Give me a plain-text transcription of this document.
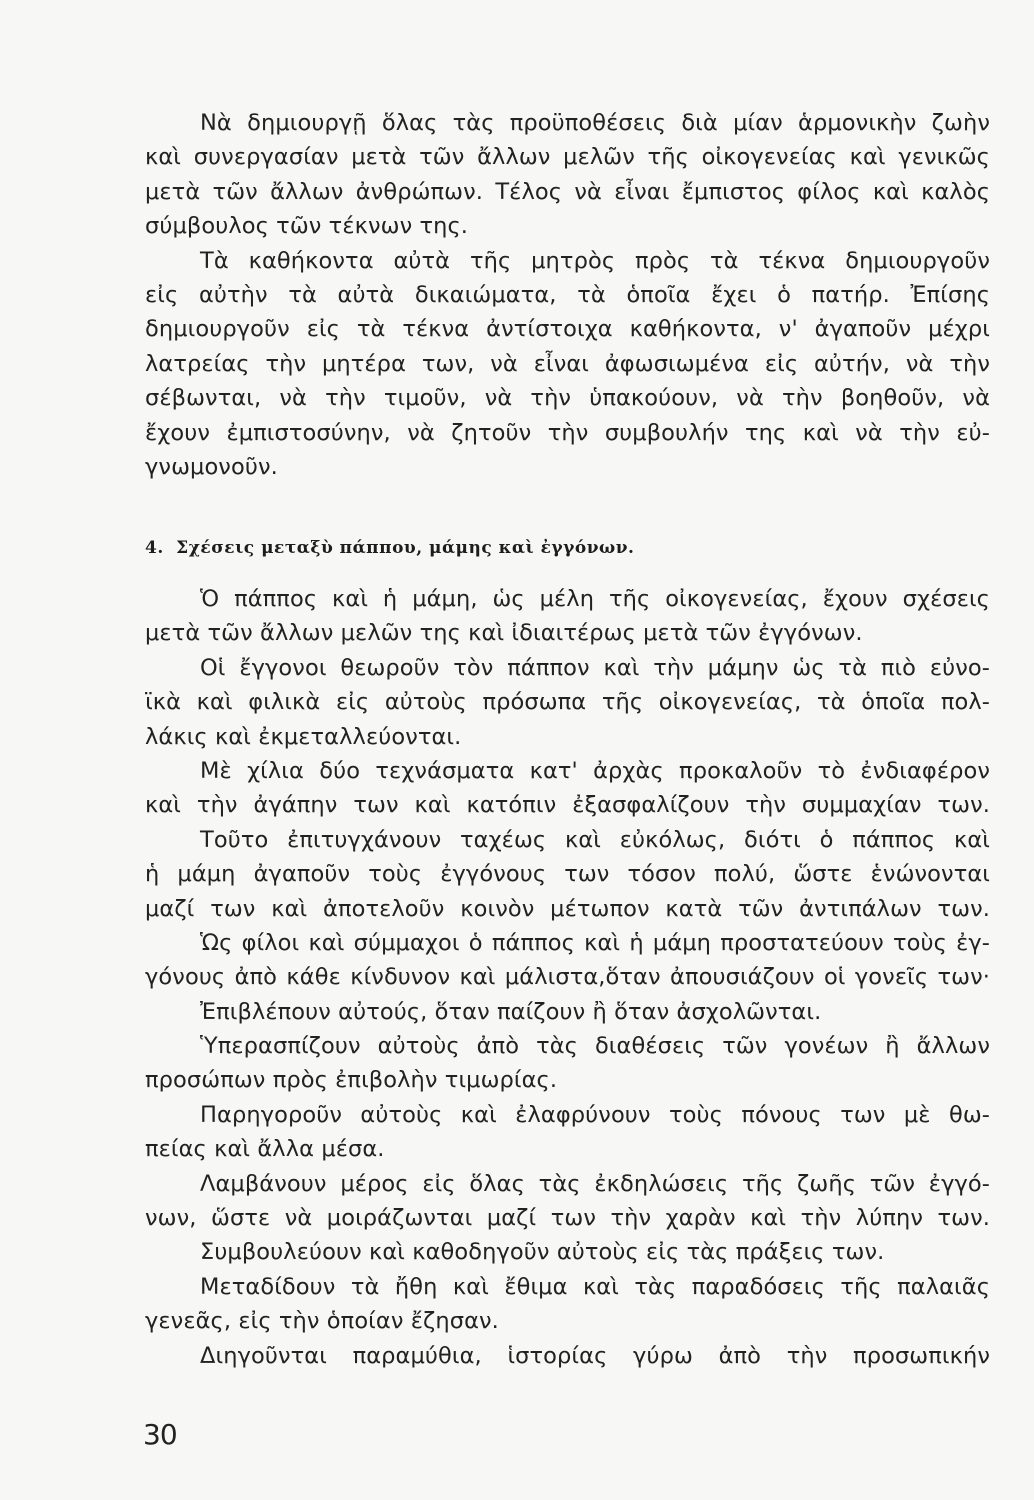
Νὰ δημιουργῇ ὅλας τὰς προϋποθέσεις διὰ μίαν ἁρμονικὴν ζωὴν
καὶ συνεργασίαν μετὰ τῶν ἄλλων μελῶν τῆς οἰκογενείας καὶ γενικῶς
μετὰ τῶν ἄλλων ἀνθρώπων. Τέλος νὰ εἶναι ἔμπιστος φίλος καὶ καλὸς
σύμβουλος τῶν τέκνων της.
Τὰ καθήκοντα αὐτὰ τῆς μητρὸς πρὸς τὰ τέκνα δημιουργοῦν
εἰς αὐτὴν τὰ αὐτὰ δικαιώματα, τὰ ὁποῖα ἔχει ὁ πατήρ. Ἐπίσης
δημιουργοῦν εἰς τὰ τέκνα ἀντίστοιχα καθήκοντα, ν' ἀγαποῦν μέχρι
λατρείας τὴν μητέρα των, νὰ εἶναι ἀφωσιωμένα εἰς αὐτήν, νὰ τὴν
σέβωνται, νὰ τὴν τιμοῦν, νὰ τὴν ὑπακούουν, νὰ τὴν βοηθοῦν, νὰ
ἔχουν ἐμπιστοσύνην, νὰ ζητοῦν τὴν συμβουλήν της καὶ νὰ τὴν εὐ-
γνωμονοῦν.
4. Σχέσεις μεταξὺ πάππου, μάμης καὶ ἐγγόνων.
Ὁ πάππος καὶ ἡ μάμη, ὡς μέλη τῆς οἰκογενείας, ἔχουν σχέσεις
μετὰ τῶν ἄλλων μελῶν της καὶ ἰδιαιτέρως μετὰ τῶν ἐγγόνων.
Οἱ ἔγγονοι θεωροῦν τὸν πάππον καὶ τὴν μάμην ὡς τὰ πιὸ εὐνο-
ϊκὰ καὶ φιλικὰ εἰς αὐτοὺς πρόσωπα τῆς οἰκογενείας, τὰ ὁποῖα πολ-
λάκις καὶ ἐκμεταλλεύονται.
Μὲ χίλια δύο τεχνάσματα κατ' ἀρχὰς προκαλοῦν τὸ ἐνδιαφέρον
καὶ τὴν ἀγάπην των καὶ κατόπιν ἐξασφαλίζουν τὴν συμμαχίαν των.
Τοῦτο ἐπιτυγχάνουν ταχέως καὶ εὐκόλως, διότι ὁ πάππος καὶ
ἡ μάμη ἀγαποῦν τοὺς ἐγγόνους των τόσον πολύ, ὥστε ἑνώνονται
μαζί των καὶ ἀποτελοῦν κοινὸν μέτωπον κατὰ τῶν ἀντιπάλων των.
Ὡς φίλοι καὶ σύμμαχοι ὁ πάππος καὶ ἡ μάμη προστατεύουν τοὺς ἐγ-
γόνους ἀπὸ κάθε κίνδυνον καὶ μάλιστα,ὅταν ἀπουσιάζουν οἱ γονεῖς των·
Ἐπιβλέπουν αὐτούς, ὅταν παίζουν ἢ ὅταν ἀσχολῶνται.
Ὑπερασπίζουν αὐτοὺς ἀπὸ τὰς διαθέσεις τῶν γονέων ἢ ἄλλων
προσώπων πρὸς ἐπιβολὴν τιμωρίας.
Παρηγοροῦν αὐτοὺς καὶ ἐλαφρύνουν τοὺς πόνους των μὲ θω-
πείας καὶ ἄλλα μέσα.
Λαμβάνουν μέρος εἰς ὅλας τὰς ἐκδηλώσεις τῆς ζωῆς τῶν ἐγγό-
νων, ὥστε νὰ μοιράζωνται μαζί των τὴν χαρὰν καὶ τὴν λύπην των.
Συμβουλεύουν καὶ καθοδηγοῦν αὐτοὺς εἰς τὰς πράξεις των.
Μεταδίδουν τὰ ἤθη καὶ ἔθιμα καὶ τὰς παραδόσεις τῆς παλαιᾶς
γενεᾶς, εἰς τὴν ὁποίαν ἔζησαν.
Διηγοῦνται παραμύθια, ἱστορίας γύρω ἀπὸ τὴν προσωπικήν
30
